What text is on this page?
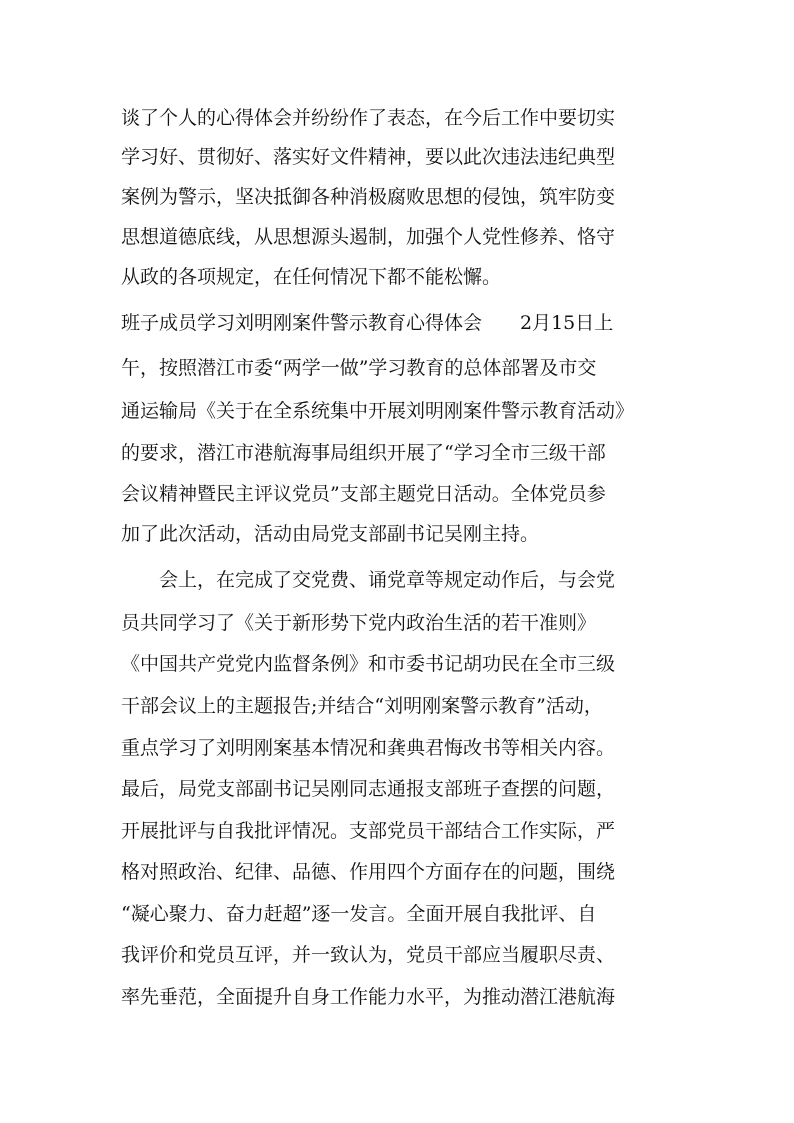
谈了个人的心得体会并纷纷作了表态，在今后工作中要切实
学习好、贯彻好、落实好文件精神，要以此次违法违纪典型
案例为警示，坚决抵御各种消极腐败思想的侵蚀，筑牢防变
思想道德底线，从思想源头遏制，加强个人党性修养、恪守
从政的各项规定，在任何情况下都不能松懈。
班子成员学习刘明刚案件警示教育心得体会　　2月15日上
午，按照潜江市委“两学一做”学习教育的总体部署及市交
通运输局《关于在全系统集中开展刘明刚案件警示教育活动》
的要求，潜江市港航海事局组织开展了“学习全市三级干部
会议精神暨民主评议党员”支部主题党日活动。全体党员参
加了此次活动，活动由局党支部副书记吴刚主持。
　　会上，在完成了交党费、诵党章等规定动作后，与会党
员共同学习了《关于新形势下党内政治生活的若干准则》
《中国共产党党内监督条例》和市委书记胡功民在全市三级
干部会议上的主题报告;并结合“刘明刚案警示教育”活动，
重点学习了刘明刚案基本情况和龚典君悔改书等相关内容。
最后，局党支部副书记吴刚同志通报支部班子查摆的问题，
开展批评与自我批评情况。支部党员干部结合工作实际，严
格对照政治、纪律、品德、作用四个方面存在的问题，围绕
“凝心聚力、奋力赶超”逐一发言。全面开展自我批评、自
我评价和党员互评，并一致认为，党员干部应当履职尽责、
率先垂范，全面提升自身工作能力水平，为推动潜江港航海
